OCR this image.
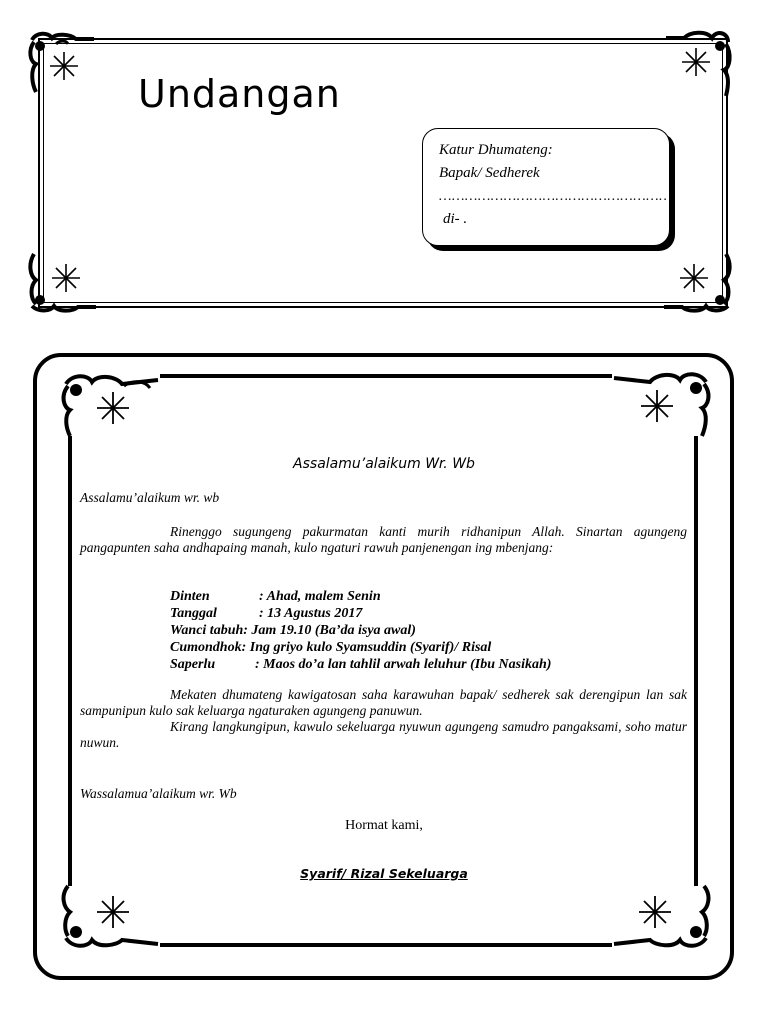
Undangan
Katur Dhumateng:
Bapak/ Sedherek
………………………………………………
di- .
Assalamu’alaikum Wr. Wb
Assalamu’alaikum wr. wb
Rinenggo sugungeng pakurmatan kanti murih ridhanipun Allah. Sinartan agungeng pangapunten saha andhapaing manah, kulo ngaturi rawuh panjenengan ing mbenjang:
Dinten	: Ahad, malem Senin
Tanggal	: 13 Agustus 2017
Wanci tabuh: Jam 19.10 (Ba’da isya awal)
Cumondhok: Ing griyo kulo Syamsuddin (Syarif)/ Risal
Saperlu	: Maos do’a lan tahlil arwah leluhur (Ibu Nasikah)
Mekaten dhumateng kawigatosan saha karawuhan bapak/ sedherek sak derengipun lan sak sampunipun kulo sak keluarga ngaturaken agungeng panuwun.
Kirang langkungipun, kawulo sekeluarga nyuwun agungeng samudro pangaksami, soho matur nuwun.
Wassalamua’alaikum wr. Wb
Hormat kami,
Syarif/ Rizal Sekeluarga
